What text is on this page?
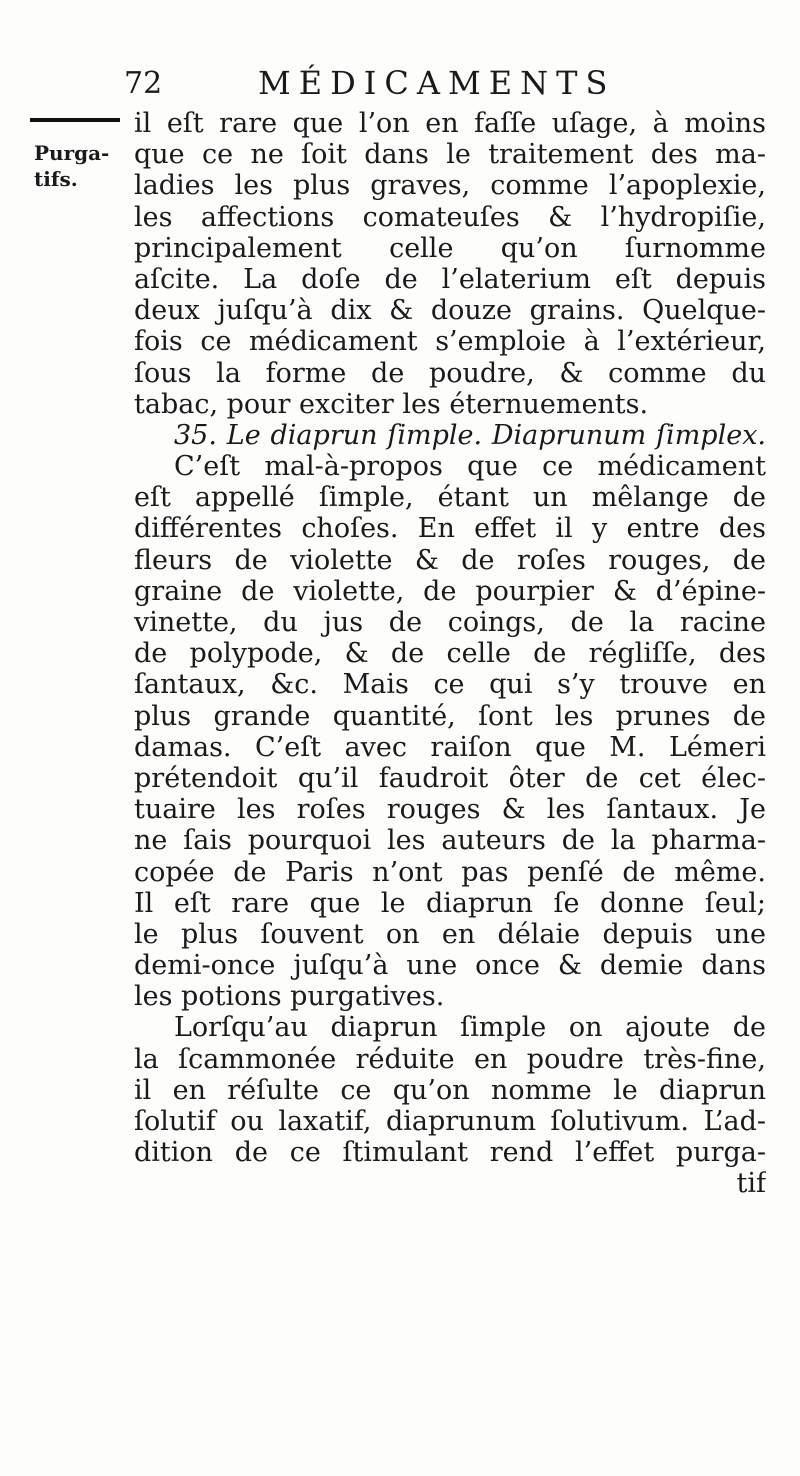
72	MÉDICAMENTS
Purga-
tifs.
il eſt rare que l’on en faſſe uſage, à moins
que ce ne ſoit dans le traitement des ma-
ladies les plus graves, comme l’apoplexie,
les affections comateuſes & l’hydropiſie,
principalement celle qu’on ſurnomme
aſcite. La doſe de l’elaterium eſt depuis
deux juſqu’à dix & douze grains. Quelque-
fois ce médicament s’emploie à l’extérieur,
ſous la forme de poudre, & comme du
tabac, pour exciter les éternuements.
35. Le diaprun ſimple. Diaprunum ſimplex.
C’eſt mal-à-propos que ce médicament
eſt appellé ſimple, étant un mêlange de
différentes choſes. En effet il y entre des
fleurs de violette & de roſes rouges, de
graine de violette, de pourpier & d’épine-
vinette, du jus de coings, de la racine
de polypode, & de celle de régliſſe, des
ſantaux, &c. Mais ce qui s’y trouve en
plus grande quantité, ſont les prunes de
damas. C’eſt avec raiſon que M. Lémeri
prétendoit qu’il faudroit ôter de cet élec-
tuaire les roſes rouges & les ſantaux. Je
ne ſais pourquoi les auteurs de la pharma-
copée de Paris n’ont pas penſé de même.
Il eſt rare que le diaprun ſe donne ſeul;
le plus ſouvent on en délaie depuis une
demi-once juſqu’à une once & demie dans
les potions purgatives.
Lorſqu’au diaprun ſimple on ajoute de
la ſcammonée réduite en poudre très-fine,
il en réſulte ce qu’on nomme le diaprun
ſolutif ou laxatif, diaprunum ſolutivum. L’ad-
dition de ce ſtimulant rend l’effet purga-
tif
